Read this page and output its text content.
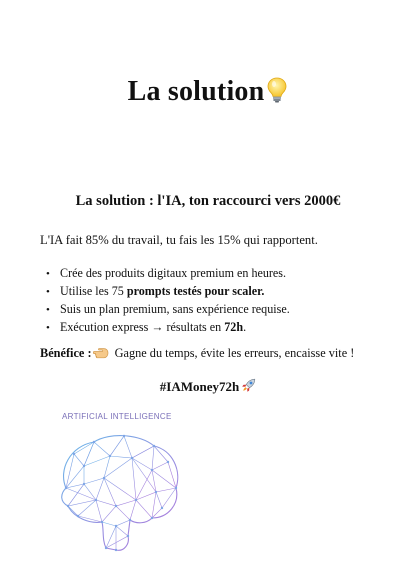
La solution
La solution : l'IA, ton raccourci vers 2000€
L'IA fait 85% du travail, tu fais les 15% qui rapportent.
• Crée des produits digitaux premium en heures.
• Utilise les 75 prompts testés pour scaler.
• Suis un plan premium, sans expérience requise.
• Exécution express → résultats en 72h.
Bénéfice : Gagne du temps, évite les erreurs, encaisse vite !
#IAMoney72h
ARTIFICIAL INTELLIGENCE
